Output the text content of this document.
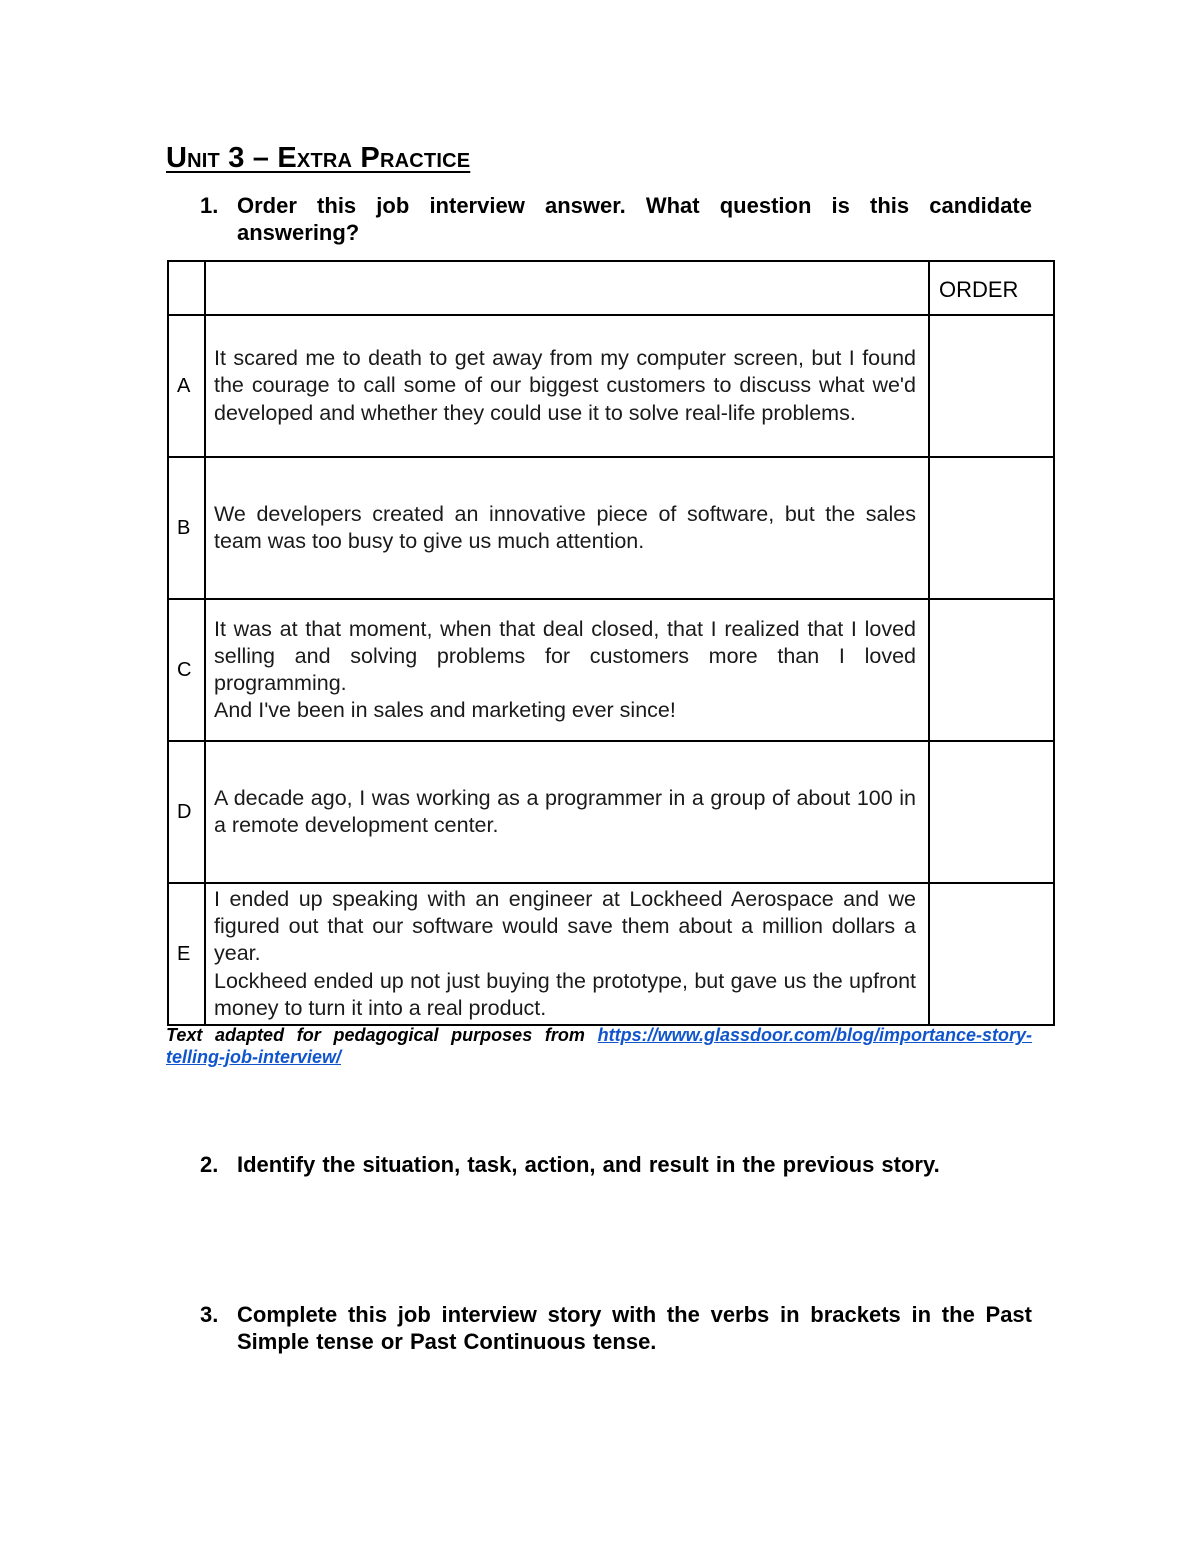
Unit 3 – Extra Practice
1. Order this job interview answer. What question is this candidate answering?
		ORDER
A	It scared me to death to get away from my computer screen, but I found the courage to call some of our biggest customers to discuss what we'd developed and whether they could use it to solve real-life problems.	

B	We developers created an innovative piece of software, but the sales team was too busy to give us much attention.	

C	It was at that moment, when that deal closed, that I realized that I loved selling and solving problems for customers more than I loved programming.
And I've been in sales and marketing ever since!	

D	A decade ago, I was working as a programmer in a group of about 100 in a remote development center.	

E	I ended up speaking with an engineer at Lockheed Aerospace and we figured out that our software would save them about a million dollars a year.
Lockheed ended up not just buying the prototype, but gave us the upfront money to turn it into a real product.	

Text adapted for pedagogical purposes from https://www.glassdoor.com/blog/importance-story-telling-job-interview/
2. Identify the situation, task, action, and result in the previous story.
3. Complete this job interview story with the verbs in brackets in the Past Simple tense or Past Continuous tense.
